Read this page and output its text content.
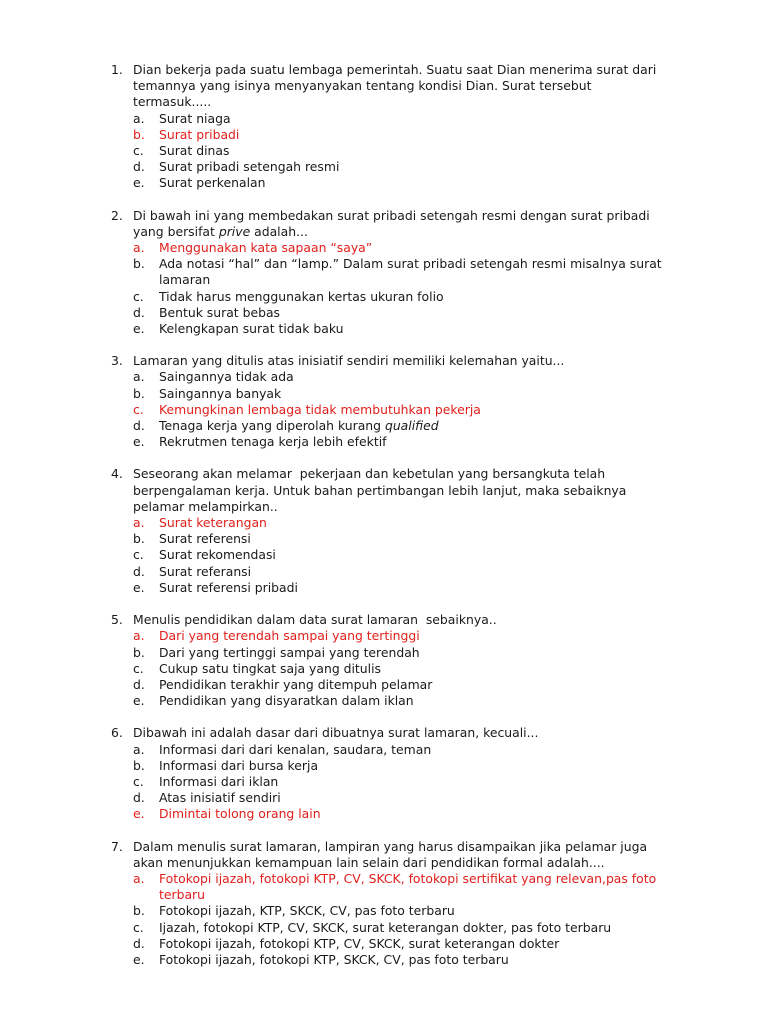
1. Dian bekerja pada suatu lembaga pemerintah. Suatu saat Dian menerima surat dari temannya yang isinya menyanyakan tentang kondisi Dian. Surat tersebut termasuk.....
a. Surat niaga
b. Surat pribadi
c. Surat dinas
d. Surat pribadi setengah resmi
e. Surat perkenalan
2. Di bawah ini yang membedakan surat pribadi setengah resmi dengan surat pribadi yang bersifat prive adalah...
a. Menggunakan kata sapaan “saya”
b. Ada notasi “hal” dan “lamp.” Dalam surat pribadi setengah resmi misalnya surat lamaran
c. Tidak harus menggunakan kertas ukuran folio
d. Bentuk surat bebas
e. Kelengkapan surat tidak baku
3. Lamaran yang ditulis atas inisiatif sendiri memiliki kelemahan yaitu...
a. Saingannya tidak ada
b. Saingannya banyak
c. Kemungkinan lembaga tidak membutuhkan pekerja
d. Tenaga kerja yang diperolah kurang qualified
e. Rekrutmen tenaga kerja lebih efektif
4. Seseorang akan melamar  pekerjaan dan kebetulan yang bersangkuta telah berpengalaman kerja. Untuk bahan pertimbangan lebih lanjut, maka sebaiknya pelamar melampirkan..
a. Surat keterangan
b. Surat referensi
c. Surat rekomendasi
d. Surat referansi
e. Surat referensi pribadi
5. Menulis pendidikan dalam data surat lamaran  sebaiknya..
a. Dari yang terendah sampai yang tertinggi
b. Dari yang tertinggi sampai yang terendah
c. Cukup satu tingkat saja yang ditulis
d. Pendidikan terakhir yang ditempuh pelamar
e. Pendidikan yang disyaratkan dalam iklan
6. Dibawah ini adalah dasar dari dibuatnya surat lamaran, kecuali...
a. Informasi dari dari kenalan, saudara, teman
b. Informasi dari bursa kerja
c. Informasi dari iklan
d. Atas inisiatif sendiri
e. Dimintai tolong orang lain
7. Dalam menulis surat lamaran, lampiran yang harus disampaikan jika pelamar juga akan menunjukkan kemampuan lain selain dari pendidikan formal adalah....
a. Fotokopi ijazah, fotokopi KTP, CV, SKCK, fotokopi sertifikat yang relevan,pas foto terbaru
b. Fotokopi ijazah, KTP, SKCK, CV, pas foto terbaru
c. Ijazah, fotokopi KTP, CV, SKCK, surat keterangan dokter, pas foto terbaru
d. Fotokopi ijazah, fotokopi KTP, CV, SKCK, surat keterangan dokter
e. Fotokopi ijazah, fotokopi KTP, SKCK, CV, pas foto terbaru
